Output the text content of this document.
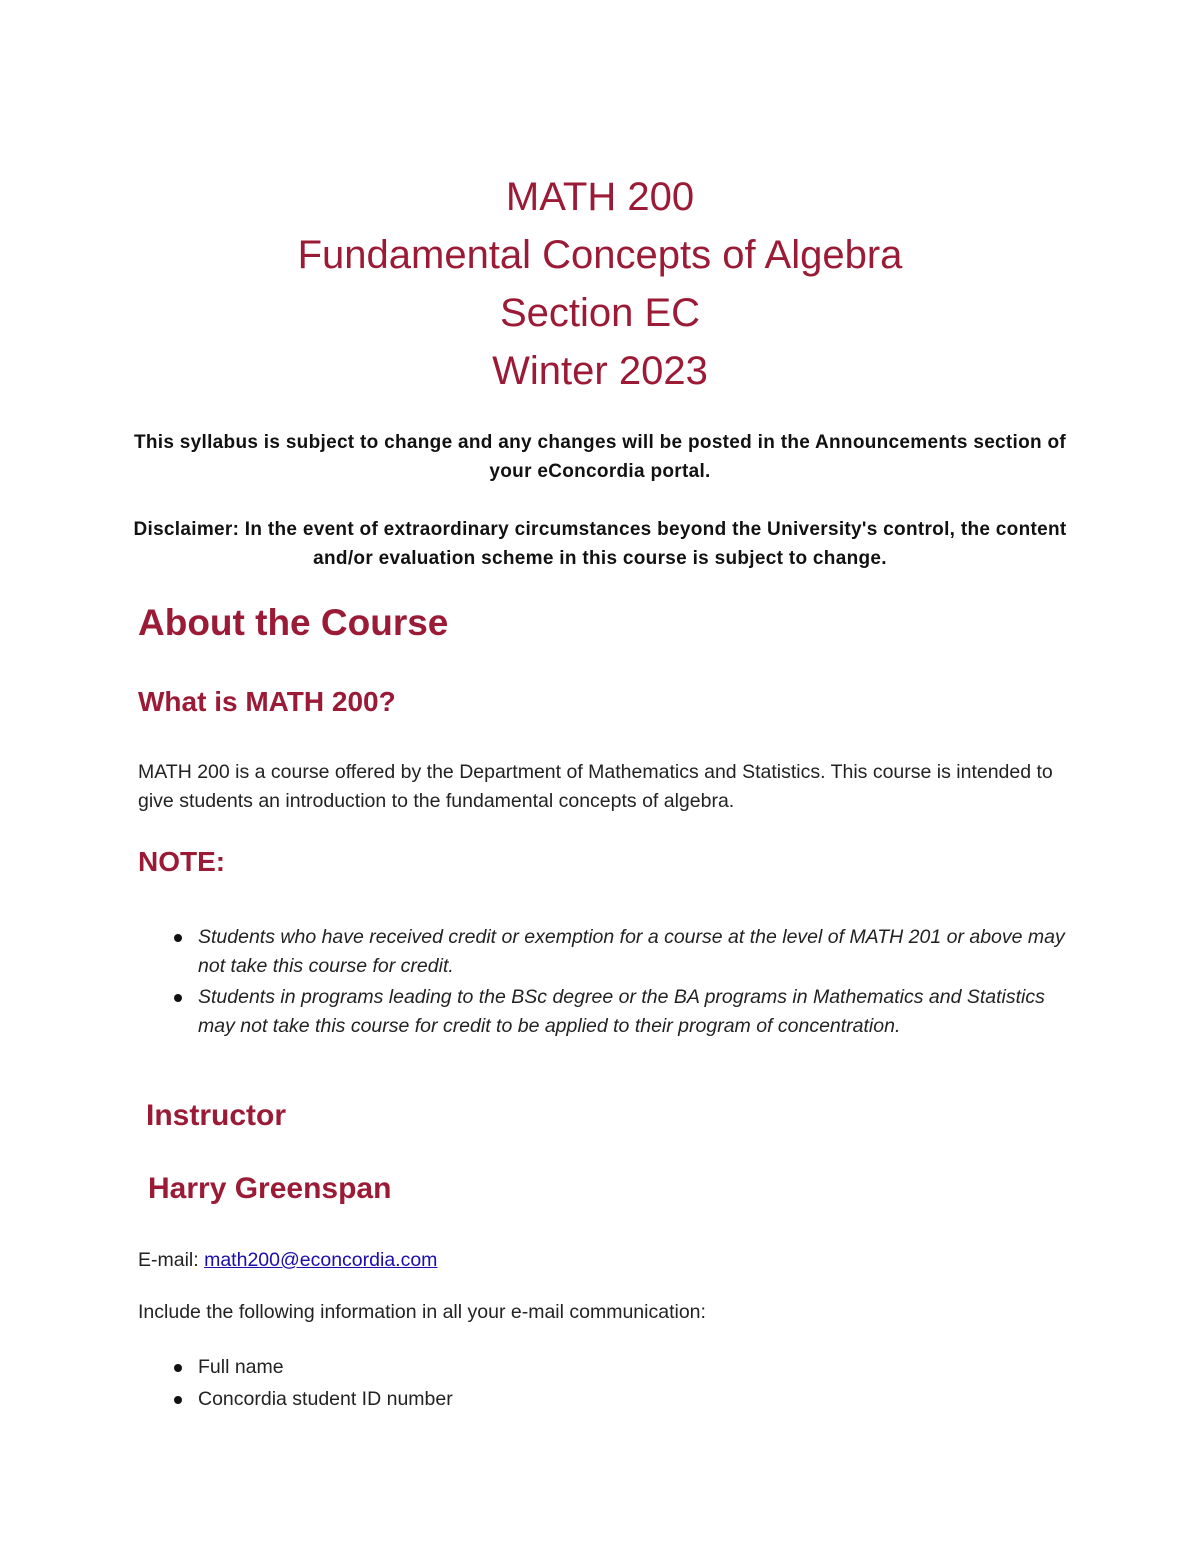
MATH 200

Fundamental Concepts of Algebra

Section EC

Winter 2023

This syllabus is subject to change and any changes will be posted in the Announcements section of your eConcordia portal.

Disclaimer: In the event of extraordinary circumstances beyond the University's control, the content and/or evaluation scheme in this course is subject to change.

About the Course
What is MATH 200?

MATH 200 is a course offered by the Department of Mathematics and Statistics. This course is intended to give students an introduction to the fundamental concepts of algebra.

NOTE:
Students who have received credit or exemption for a course at the level of MATH 201 or above may not take this course for credit.
Students in programs leading to the BSc degree or the BA programs in Mathematics and Statistics may not take this course for credit to be applied to their program of concentration.
Instructor
Harry Greenspan

E-mail: math200@econcordia.com

Include the following information in all your e-mail communication:

Full name
Concordia student ID number
